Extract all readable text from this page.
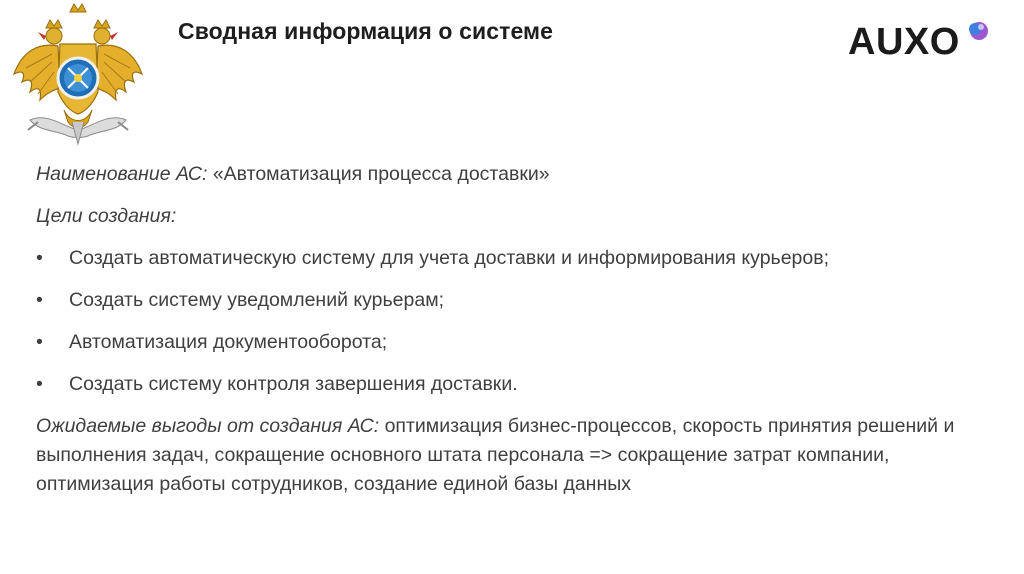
Сводная информация о системе	AUXO

Наименование АС: «Автоматизация процесса доставки»

Цели создания:

• Создать автоматическую систему для учета доставки и информирования курьеров;
• Создать систему уведомлений курьерам;
• Автоматизация документооборота;
• Создать систему контроля завершения доставки.

Ожидаемые выгоды от создания АС: оптимизация бизнес-процессов, скорость принятия решений и выполнения задач, сокращение основного штата персонала => сокращение затрат компании, оптимизация работы сотрудников, создание единой базы данных
